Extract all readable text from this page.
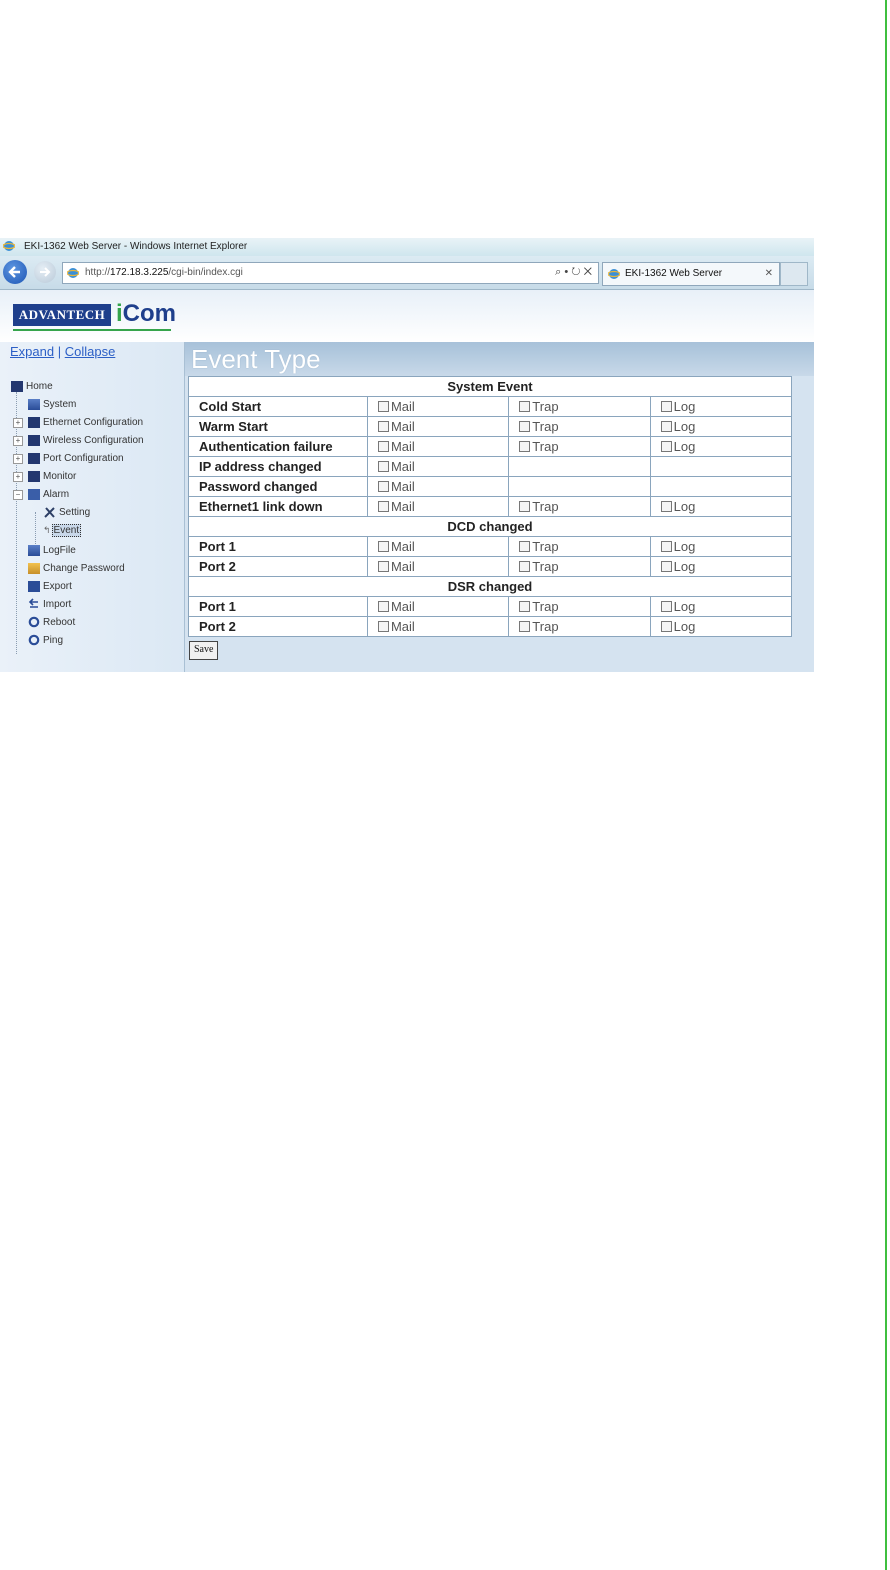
EKI-1362 Web Server - Windows Internet Explorer
http://172.18.3.225/cgi-bin/index.cgi	⌕ • ↻ ✕	EKI-1362 Web Server	✕
ADVANTECH iCom
Expand | Collapse
Home
System
+ Ethernet Configuration
+ Wireless Configuration
+ Port Configuration
+ Monitor
− Alarm
Setting
↰ Event
LogFile
Change Password
Export
Import
Reboot
Ping
Event Type
System Event			
Cold Start	Mail	Trap	Log
Warm Start	Mail	Trap	Log
Authentication failure	Mail	Trap	Log
IP address changed	Mail		
Password changed	Mail		
Ethernet1 link down	Mail	Trap	Log
DCD changed			
Port 1	Mail	Trap	Log
Port 2	Mail	Trap	Log
DSR changed			
Port 1	Mail	Trap	Log
Port 2	Mail	Trap	Log
Save
